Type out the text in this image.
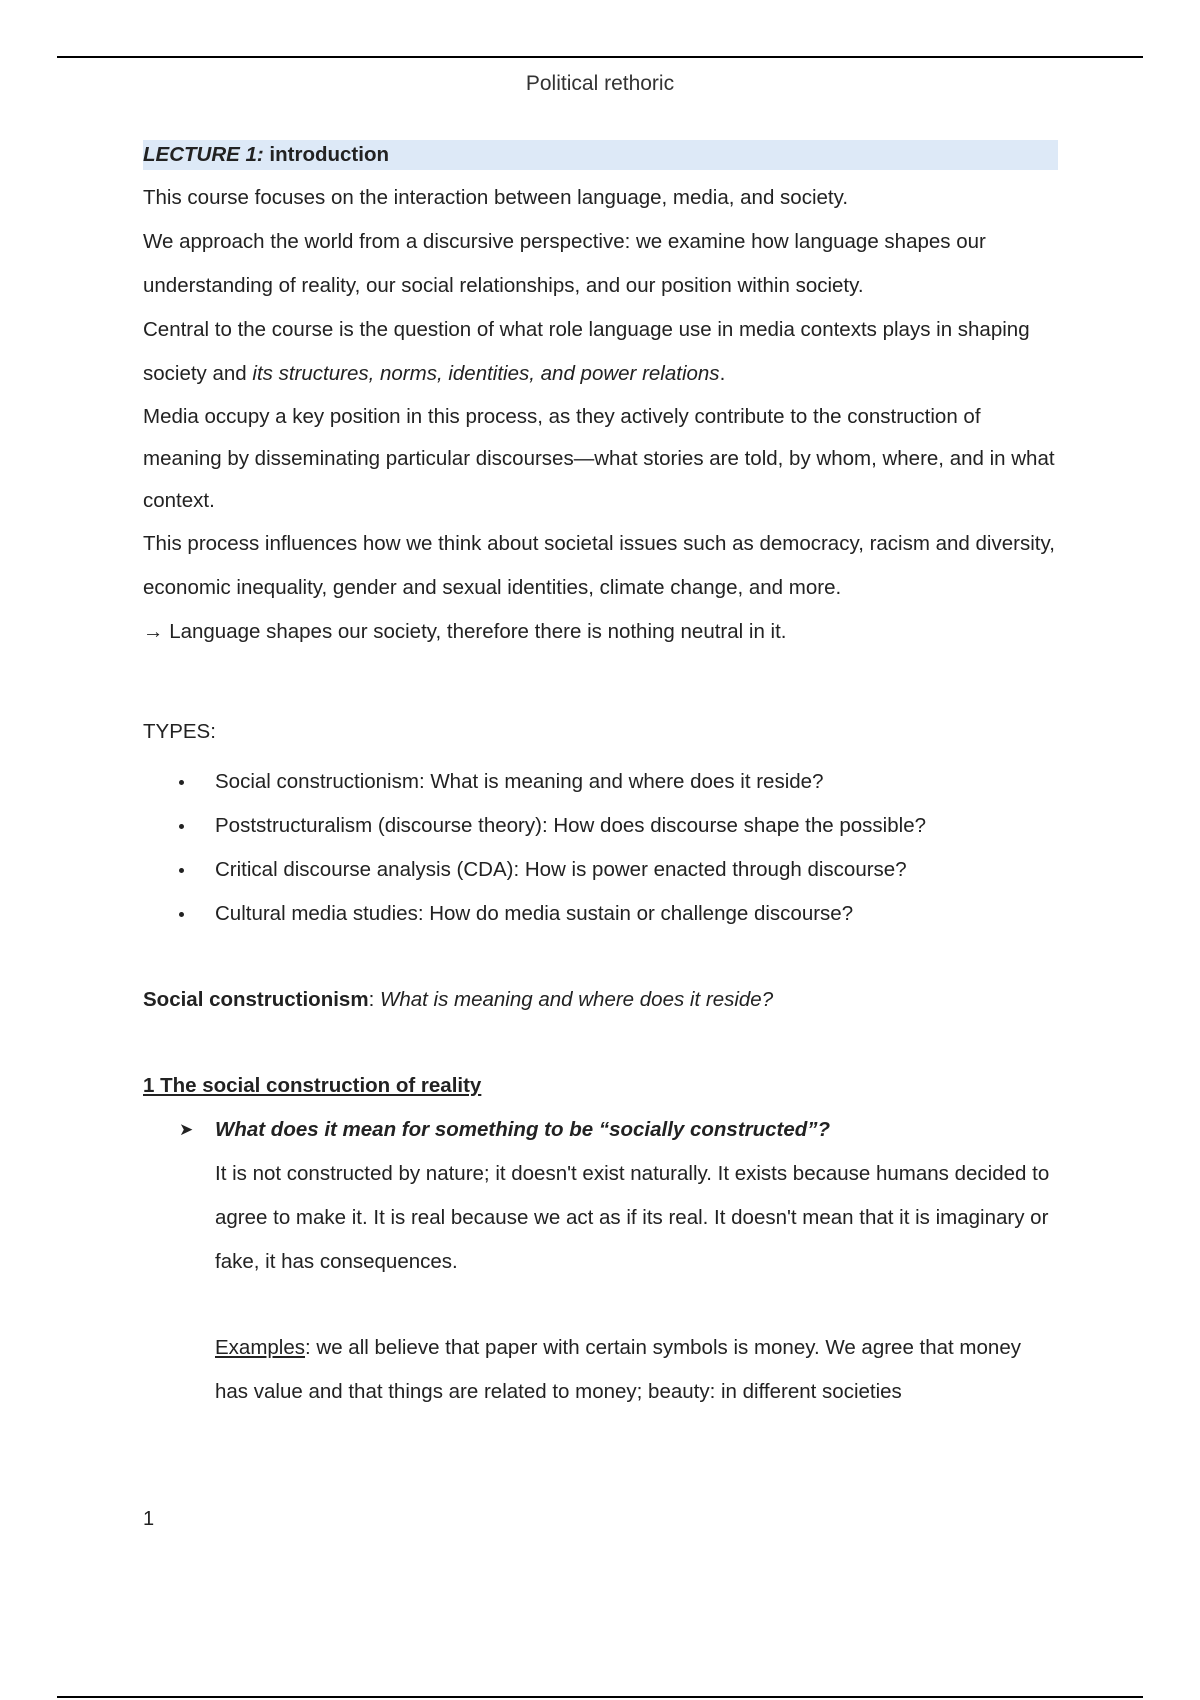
Political rethoric
LECTURE 1: introduction

This course focuses on the interaction between language, media, and society.

We approach the world from a discursive perspective: we examine how language shapes our understanding of reality, our social relationships, and our position within society.

Central to the course is the question of what role language use in media contexts plays in shaping society and its structures, norms, identities, and power relations.

Media occupy a key position in this process, as they actively contribute to the construction of meaning by disseminating particular discourses—what stories are told, by whom, where, and in what context.

This process influences how we think about societal issues such as democracy, racism and diversity, economic inequality, gender and sexual identities, climate change, and more.

→ Language shapes our society, therefore there is nothing neutral in it.

TYPES:

Social constructionism: What is meaning and where does it reside?
Poststructuralism (discourse theory): How does discourse shape the possible?
Critical discourse analysis (CDA): How is power enacted through discourse?
Cultural media studies: How do media sustain or challenge discourse?

Social constructionism: What is meaning and where does it reside?

1 The social construction of reality

➤ What does it mean for something to be “socially constructed”?

It is not constructed by nature; it doesn't exist naturally. It exists because humans decided to agree to make it. It is real because we act as if its real. It doesn't mean that it is imaginary or fake, it has consequences.

Examples: we all believe that paper with certain symbols is money. We agree that money has value and that things are related to money; beauty: in different societies

1
